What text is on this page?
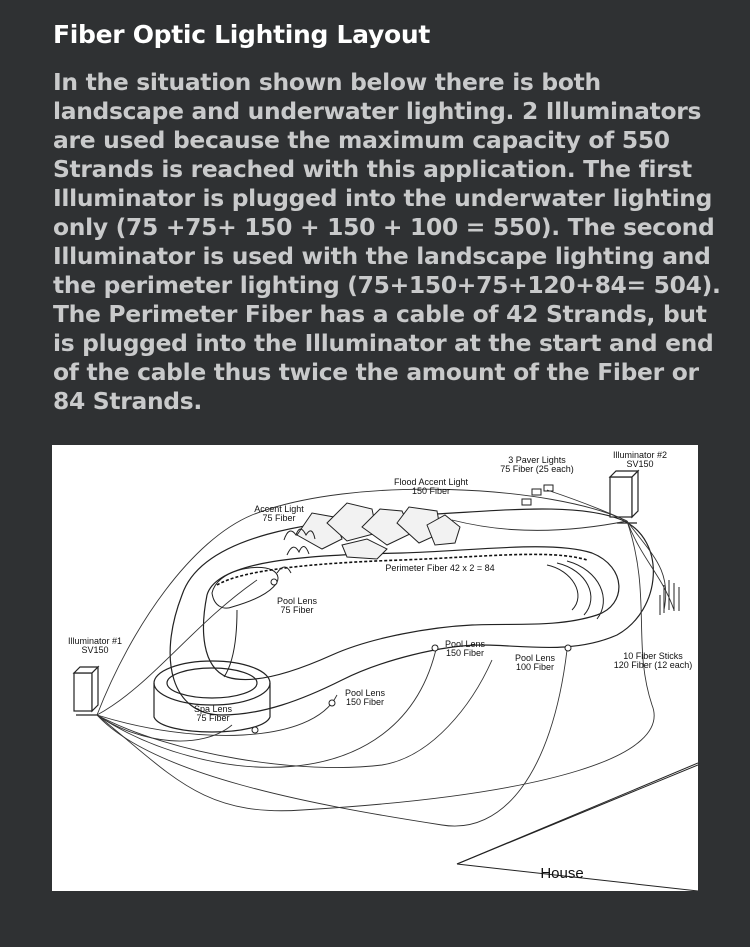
Fiber Optic Lighting Layout

In the situation shown below there is both landscape and underwater lighting. 2 Illuminators are used because the maximum capacity of 550 Strands is reached with this application. The first Illuminator is plugged into the underwater lighting only (75 +75+ 150 + 150 + 100 = 550). The second Illuminator is used with the landscape lighting and the perimeter lighting (75+150+75+120+84= 504). The Perimeter Fiber has a cable of 42 Strands, but is plugged into the Illuminator at the start and end of the cable thus twice the amount of the Fiber or 84 Strands.

3 Paver Lights
75 Fiber (25 each)
Illuminator #2
SV150
Flood Accent Light
150 Fiber
Accent Light
75 Fiber
Perimeter Fiber 42 x 2 = 84
Pool Lens
75 Fiber
Illuminator #1
SV150
Pool Lens
150 Fiber	Pool Lens
100 Fiber
10 Fiber Sticks
120 Fiber (12 each)
Pool Lens
150 Fiber
Spa Lens
75 Fiber
House
